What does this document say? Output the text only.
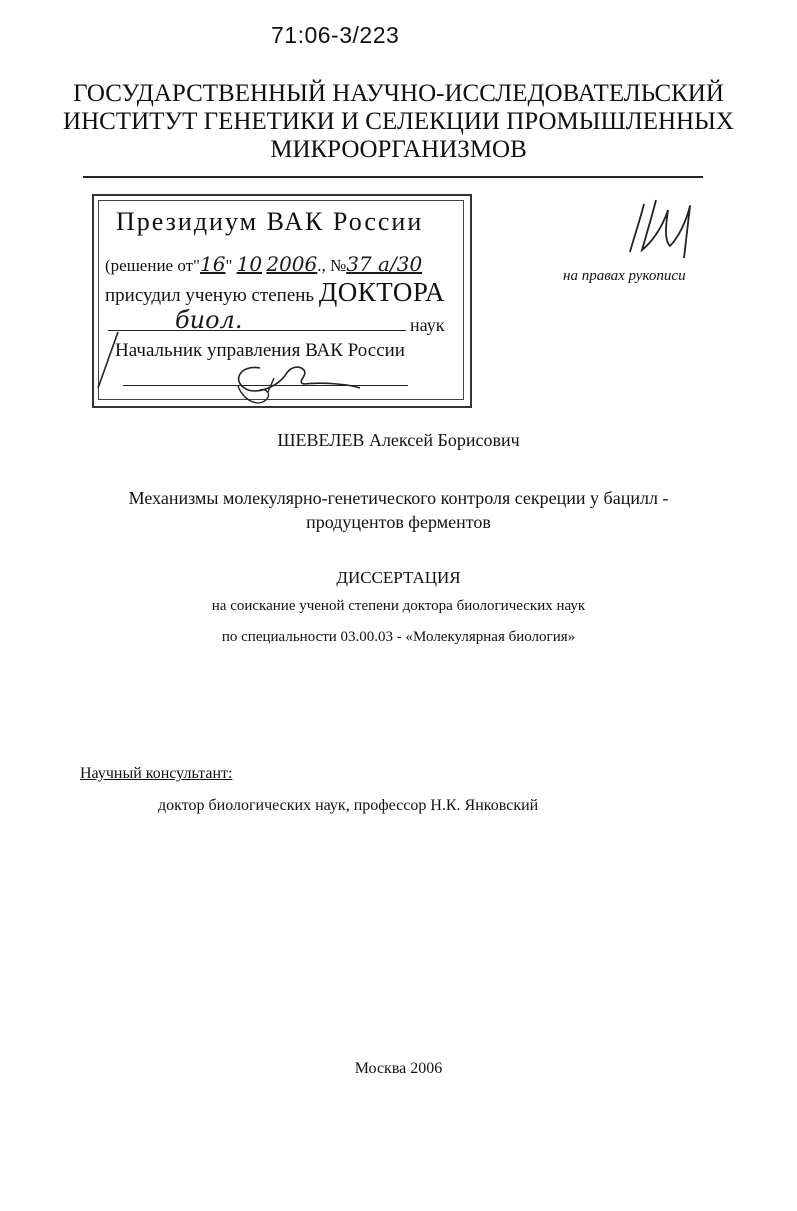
71:06-3/223
ГОСУДАРСТВЕННЫЙ НАУЧНО-ИССЛЕДОВАТЕЛЬСКИЙ
ИНСТИТУТ ГЕНЕТИКИ И СЕЛЕКЦИИ ПРОМЫШЛЕННЫХ
МИКРООРГАНИЗМОВ
Президиум ВАК России
(решение от"16" 10 2006., №37 а/30
присудил ученую степень ДОКТОРА
биол.	наук
Начальник управления ВАК России
на правах рукописи
ШЕВЕЛЕВ Алексей Борисович
Механизмы молекулярно-генетического контроля секреции у бацилл -
продуцентов ферментов
ДИССЕРТАЦИЯ
на соискание ученой степени доктора биологических наук
по специальности 03.00.03 - «Молекулярная биология»
Научный консультант:
доктор биологических наук, профессор Н.К. Янковский
Москва 2006
